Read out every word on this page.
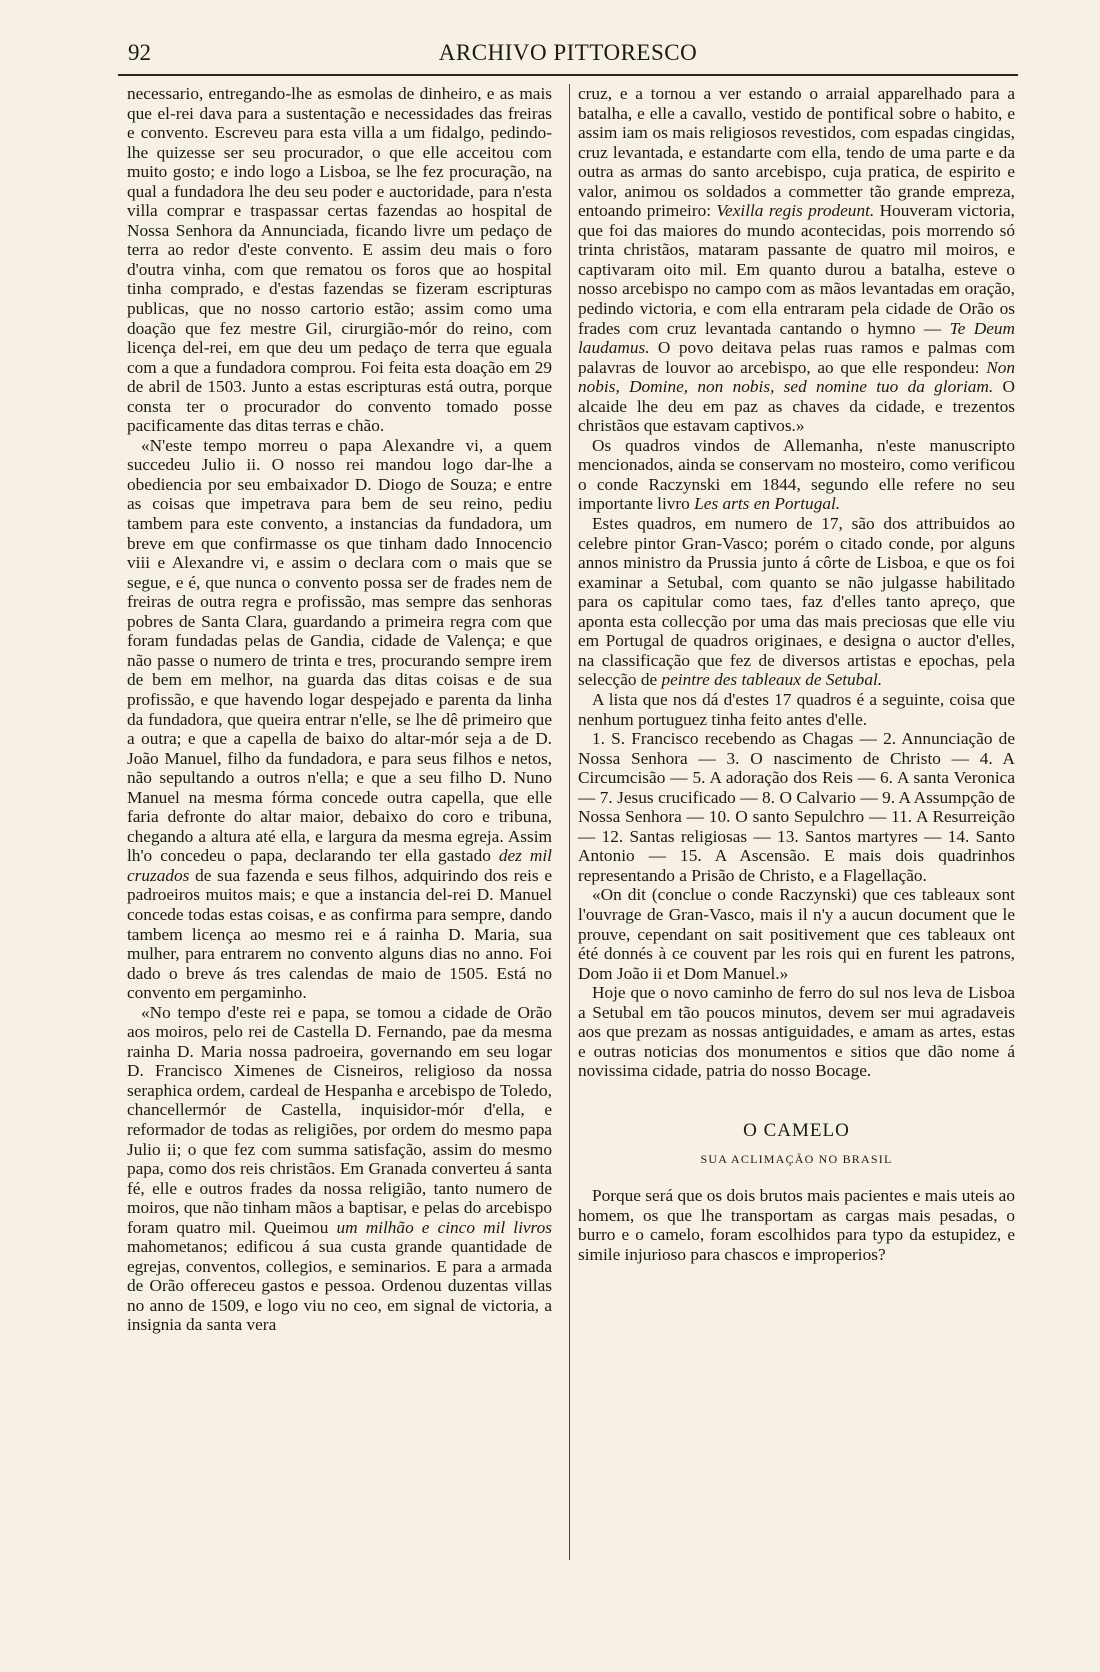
92	ARCHIVO PITTORESCO

necessario, entregando-lhe as esmolas de dinheiro, e as mais que el-rei dava para a sustentação e necessidades das freiras e convento. Escreveu para esta villa a um fidalgo, pedindo-lhe quizesse ser seu procurador, o que elle acceitou com muito gosto; e indo logo a Lisboa, se lhe fez procuração, na qual a fundadora lhe deu seu poder e auctoridade, para n'esta villa comprar e traspassar certas fazendas ao hospital de Nossa Senhora da Annunciada, ficando livre um pedaço de terra ao redor d'este convento. E assim deu mais o foro d'outra vinha, com que rematou os foros que ao hospital tinha comprado, e d'estas fazendas se fizeram escripturas publicas, que no nosso cartorio estão; assim como uma doação que fez mestre Gil, cirurgião-mór do reino, com licença del-rei, em que deu um pedaço de terra que eguala com a que a fundadora comprou. Foi feita esta doação em 29 de abril de 1503. Junto a estas escripturas está outra, porque consta ter o procurador do convento tomado posse pacificamente das ditas terras e chão.

«N'este tempo morreu o papa Alexandre vi, a quem succedeu Julio ii. O nosso rei mandou logo dar-lhe a obediencia por seu embaixador D. Diogo de Souza; e entre as coisas que impetrava para bem de seu reino, pediu tambem para este convento, a instancias da fundadora, um breve em que confirmasse os que tinham dado Innocencio viii e Alexandre vi, e assim o declara com o mais que se segue, e é, que nunca o convento possa ser de frades nem de freiras de outra regra e profissão, mas sempre das senhoras pobres de Santa Clara, guardando a primeira regra com que foram fundadas pelas de Gandia, cidade de Valença; e que não passe o numero de trinta e tres, procurando sempre irem de bem em melhor, na guarda das ditas coisas e de sua profissão, e que havendo logar despejado e parenta da linha da fundadora, que queira entrar n'elle, se lhe dê primeiro que a outra; e que a capella de baixo do altar-mór seja a de D. João Manuel, filho da fundadora, e para seus filhos e netos, não sepultando a outros n'ella; e que a seu filho D. Nuno Manuel na mesma fórma concede outra capella, que elle faria defronte do altar maior, debaixo do coro e tribuna, chegando a altura até ella, e largura da mesma egreja. Assim lh'o concedeu o papa, declarando ter ella gastado dez mil cruzados de sua fazenda e seus filhos, adquirindo dos reis e padroeiros muitos mais; e que a instancia del-rei D. Manuel concede todas estas coisas, e as confirma para sempre, dando tambem licença ao mesmo rei e á rainha D. Maria, sua mulher, para entrarem no convento alguns dias no anno. Foi dado o breve ás tres calendas de maio de 1505. Está no convento em pergaminho.

«No tempo d'este rei e papa, se tomou a cidade de Orão aos moiros, pelo rei de Castella D. Fernando, pae da mesma rainha D. Maria nossa padroeira, governando em seu logar D. Francisco Ximenes de Cisneiros, religioso da nossa seraphica ordem, cardeal de Hespanha e arcebispo de Toledo, chancellermór de Castella, inquisidor-mór d'ella, e reformador de todas as religiões, por ordem do mesmo papa Julio ii; o que fez com summa satisfação, assim do mesmo papa, como dos reis christãos. Em Granada converteu á santa fé, elle e outros frades da nossa religião, tanto numero de moiros, que não tinham mãos a baptisar, e pelas do arcebispo foram quatro mil. Queimou um milhão e cinco mil livros mahometanos; edificou á sua custa grande quantidade de egrejas, conventos, collegios, e seminarios. E para a armada de Orão offereceu gastos e pessoa. Ordenou duzentas villas no anno de 1509, e logo viu no ceo, em signal de victoria, a insignia da santa vera

cruz, e a tornou a ver estando o arraial apparelhado para a batalha, e elle a cavallo, vestido de pontifical sobre o habito, e assim iam os mais religiosos revestidos, com espadas cingidas, cruz levantada, e estandarte com ella, tendo de uma parte e da outra as armas do santo arcebispo, cuja pratica, de espirito e valor, animou os soldados a commetter tão grande empreza, entoando primeiro: Vexilla regis prodeunt. Houveram victoria, que foi das maiores do mundo acontecidas, pois morrendo só trinta christãos, mataram passante de quatro mil moiros, e captivaram oito mil. Em quanto durou a batalha, esteve o nosso arcebispo no campo com as mãos levantadas em oração, pedindo victoria, e com ella entraram pela cidade de Orão os frades com cruz levantada cantando o hymno — Te Deum laudamus. O povo deitava pelas ruas ramos e palmas com palavras de louvor ao arcebispo, ao que elle respondeu: Non nobis, Domine, non nobis, sed nomine tuo da gloriam. O alcaide lhe deu em paz as chaves da cidade, e trezentos christãos que estavam captivos.»

Os quadros vindos de Allemanha, n'este manuscripto mencionados, ainda se conservam no mosteiro, como verificou o conde Raczynski em 1844, segundo elle refere no seu importante livro Les arts en Portugal.

Estes quadros, em numero de 17, são dos attribuidos ao celebre pintor Gran-Vasco; porém o citado conde, por alguns annos ministro da Prussia junto á côrte de Lisboa, e que os foi examinar a Setubal, com quanto se não julgasse habilitado para os capitular como taes, faz d'elles tanto apreço, que aponta esta collecção por uma das mais preciosas que elle viu em Portugal de quadros originaes, e designa o auctor d'elles, na classificação que fez de diversos artistas e epochas, pela selecção de peintre des tableaux de Setubal.

A lista que nos dá d'estes 17 quadros é a seguinte, coisa que nenhum portuguez tinha feito antes d'elle.

1. S. Francisco recebendo as Chagas — 2. Annunciação de Nossa Senhora — 3. O nascimento de Christo — 4. A Circumcisão — 5. A adoração dos Reis — 6. A santa Veronica — 7. Jesus crucificado — 8. O Calvario — 9. A Assumpção de Nossa Senhora — 10. O santo Sepulchro — 11. A Resurreição — 12. Santas religiosas — 13. Santos martyres — 14. Santo Antonio — 15. A Ascensão. E mais dois quadrinhos representando a Prisão de Christo, e a Flagellação.

«On dit (conclue o conde Raczynski) que ces tableaux sont l'ouvrage de Gran-Vasco, mais il n'y a aucun document que le prouve, cependant on sait positivement que ces tableaux ont été donnés à ce couvent par les rois qui en furent les patrons, Dom João ii et Dom Manuel.»

Hoje que o novo caminho de ferro do sul nos leva de Lisboa a Setubal em tão poucos minutos, devem ser mui agradaveis aos que prezam as nossas antiguidades, e amam as artes, estas e outras noticias dos monumentos e sitios que dão nome á novissima cidade, patria do nosso Bocage.

O CAMELO
SUA ACLIMAÇÃO NO BRASIL

Porque será que os dois brutos mais pacientes e mais uteis ao homem, os que lhe transportam as cargas mais pesadas, o burro e o camelo, foram escolhidos para typo da estupidez, e simile injurioso para chascos e improperios?
